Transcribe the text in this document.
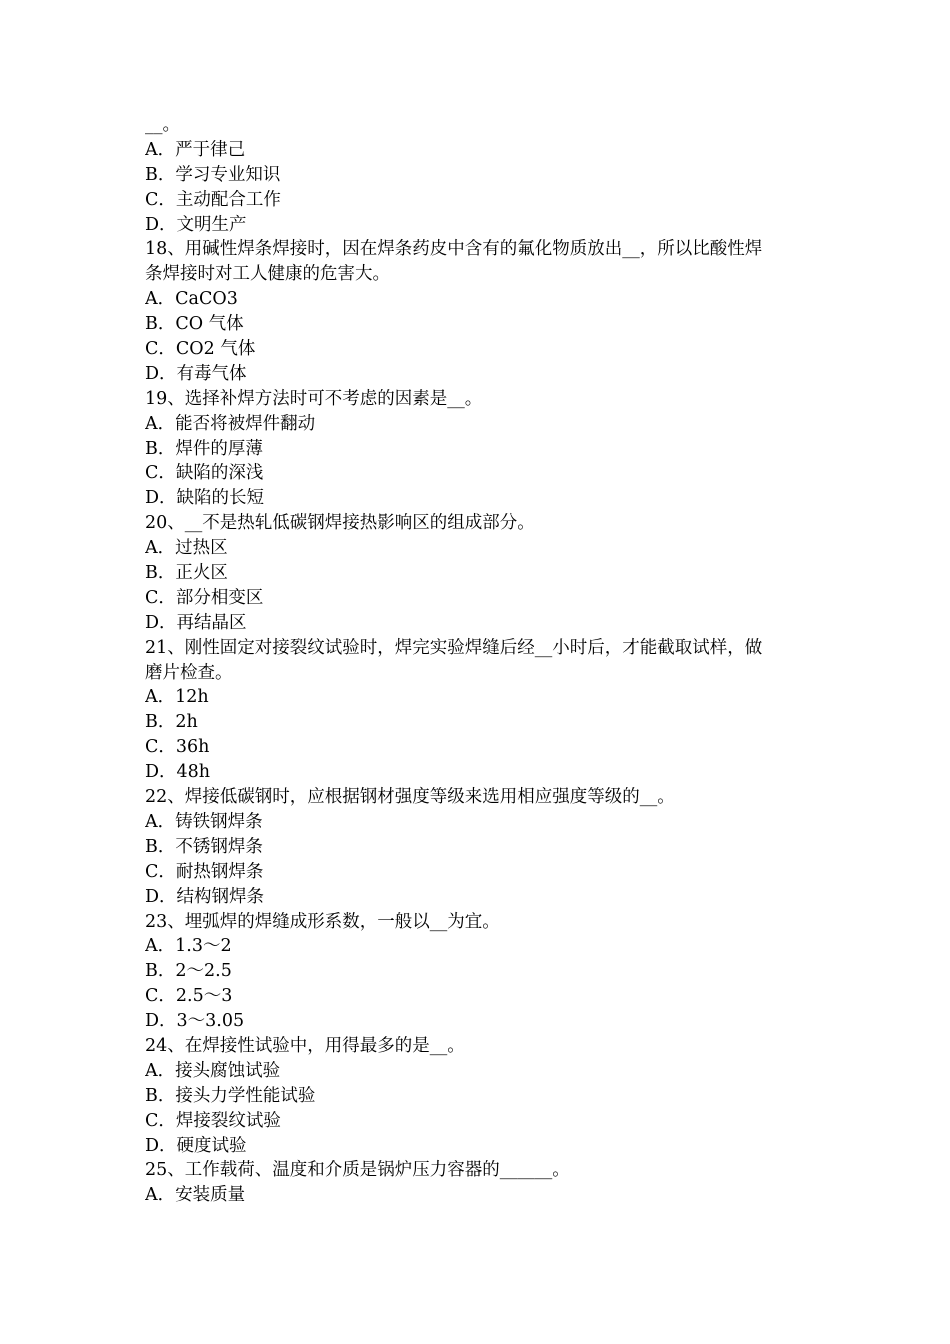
__。
A．严于律己
B．学习专业知识
C．主动配合工作
D．文明生产
18、用碱性焊条焊接时，因在焊条药皮中含有的氟化物质放出__，所以比酸性焊
条焊接时对工人健康的危害大。
A．CaCO3
B．CO 气体
C．CO2 气体
D．有毒气体
19、选择补焊方法时可不考虑的因素是__。
A．能否将被焊件翻动
B．焊件的厚薄
C．缺陷的深浅
D．缺陷的长短
20、__不是热轧低碳钢焊接热影响区的组成部分。
A．过热区
B．正火区
C．部分相变区
D．再结晶区
21、刚性固定对接裂纹试验时，焊完实验焊缝后经__小时后，才能截取试样，做
磨片检查。
A．12h
B．2h
C．36h
D．48h
22、焊接低碳钢时，应根据钢材强度等级来选用相应强度等级的__。
A．铸铁钢焊条
B．不锈钢焊条
C．耐热钢焊条
D．结构钢焊条
23、埋弧焊的焊缝成形系数，一般以__为宜。
A．1.3～2
B．2～2.5
C．2.5～3
D．3～3.05
24、在焊接性试验中，用得最多的是__。
A．接头腐蚀试验
B．接头力学性能试验
C．焊接裂纹试验
D．硬度试验
25、工作载荷、温度和介质是锅炉压力容器的______。
A．安装质量
